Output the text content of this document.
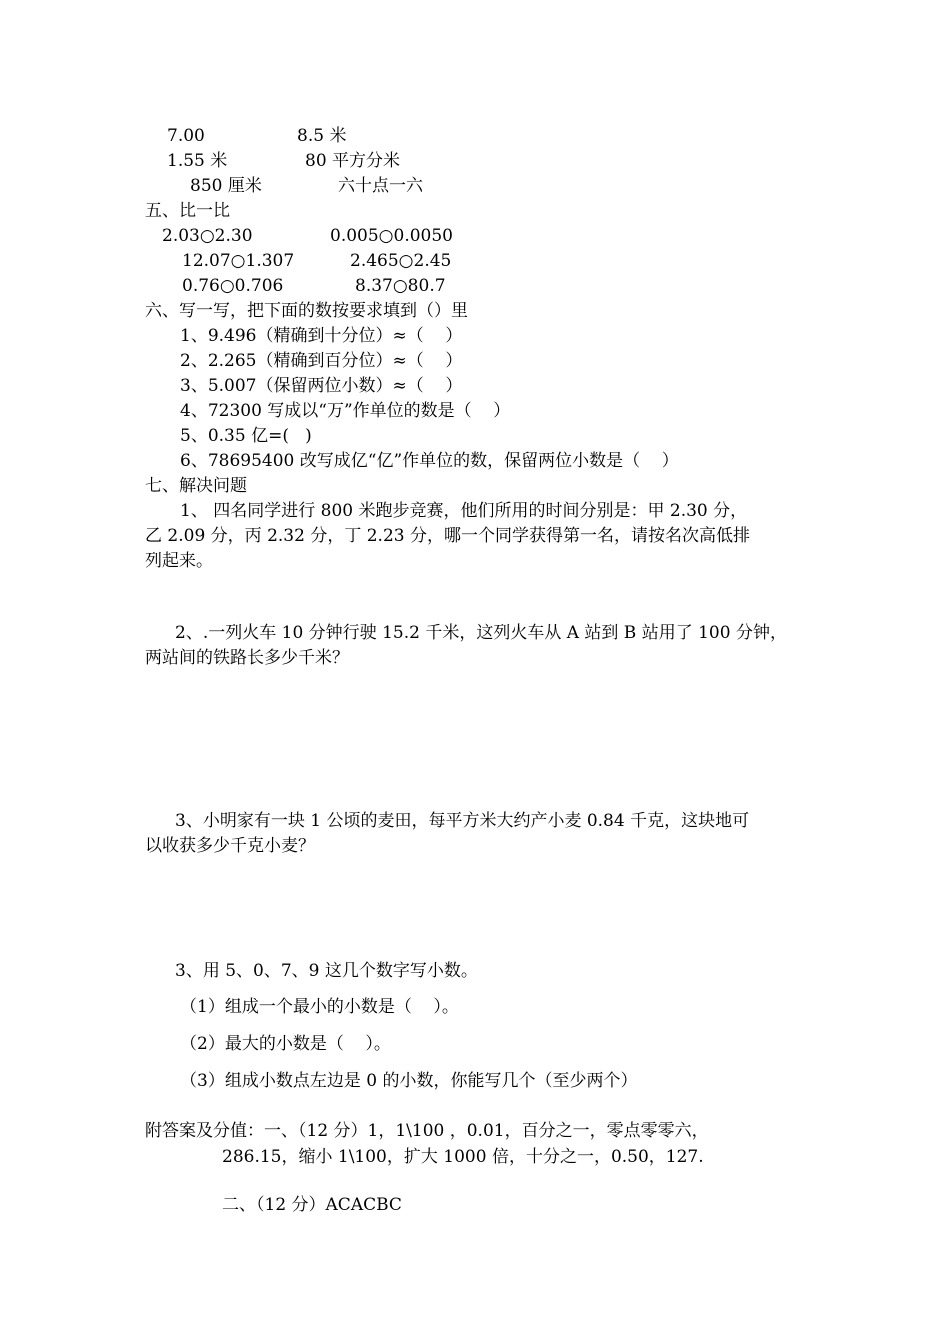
7.00	8.5 米
1.55 米	80 平方分米
850 厘米	六十点一六
五、比一比
2.03○2.30	0.005○0.0050
12.07○1.307	2.465○2.45
0.76○0.706	8.37○80.7
六、写一写，把下面的数按要求填到（）里
1、9.496（精确到十分位）≈（    ）
2、2.265（精确到百分位）≈（    ）
3、5.007（保留两位小数）≈（    ）
4、72300 写成以“万”作单位的数是（    ）
5、0.35 亿=(   )
6、78695400 改写成亿“亿”作单位的数，保留两位小数是（    ）
七、解决问题
1、 四名同学进行 800 米跑步竞赛，他们所用的时间分别是：甲 2.30 分，
乙 2.09 分，丙 2.32 分，丁 2.23 分，哪一个同学获得第一名，请按名次高低排
列起来。
2、.一列火车 10 分钟行驶 15.2 千米，这列火车从 A 站到 B 站用了 100 分钟，
两站间的铁路长多少千米？
3、小明家有一块 1 公顷的麦田，每平方米大约产小麦 0.84 千克，这块地可
以收获多少千克小麦？
3、用 5、0、7、9 这几个数字写小数。
（1）组成一个最小的小数是（    ）。
（2）最大的小数是（    ）。
（3）组成小数点左边是 0 的小数，你能写几个（至少两个）
附答案及分值：一、（12 分）1，1\100 ，0.01，百分之一，零点零零六，
286.15，缩小 1\100，扩大 1000 倍，十分之一，0.50，127.
二、（12 分）ACACBC
